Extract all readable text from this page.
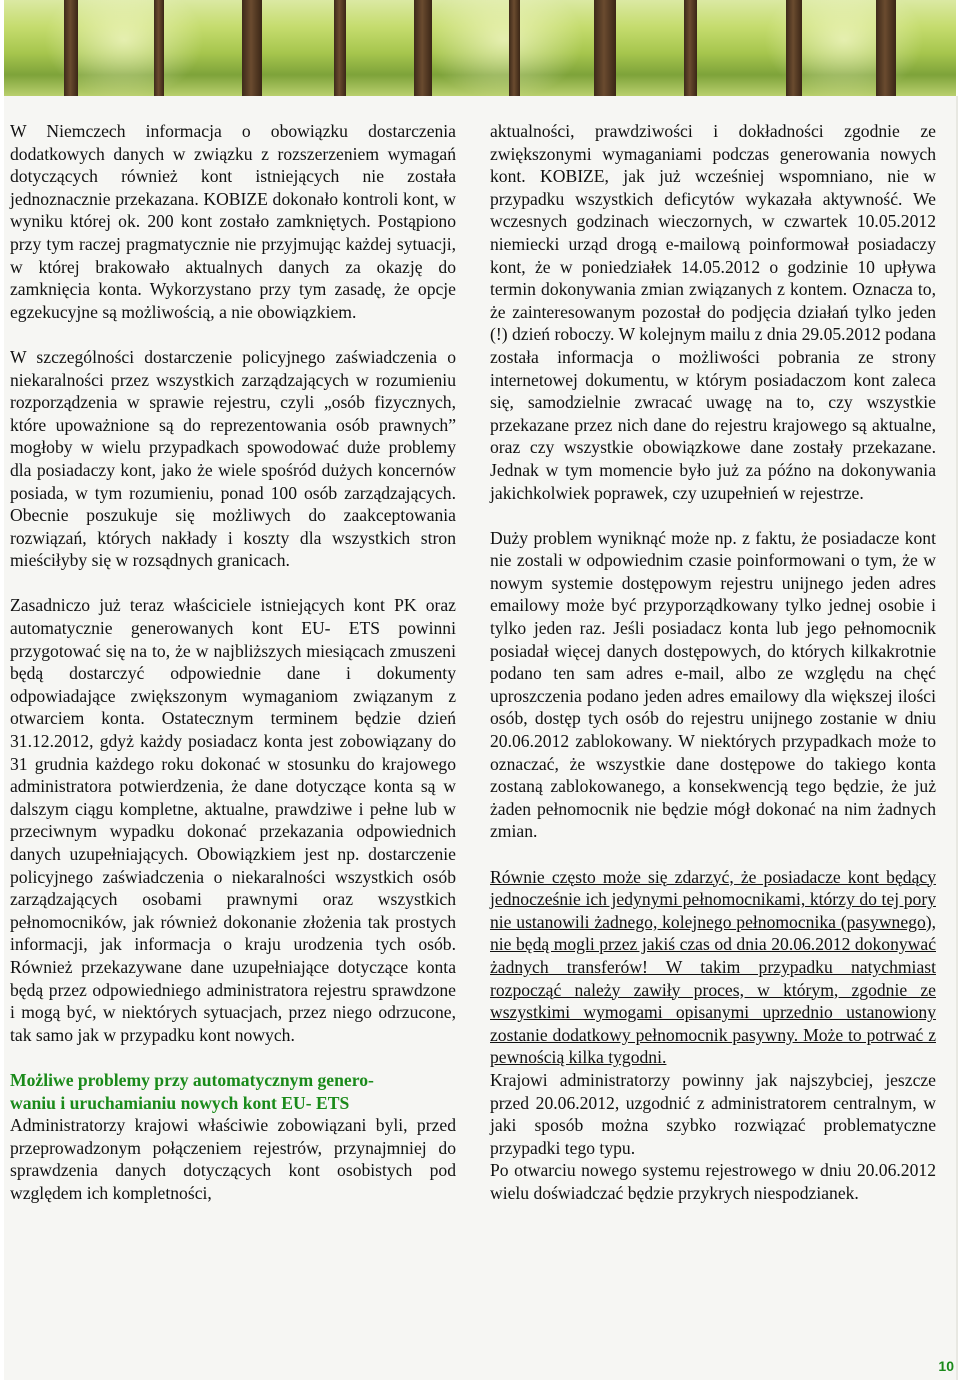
W Niemczech informacja o obowiązku dostarczenia dodatkowych danych w związku z rozszerzeniem wymagań dotyczących również kont istniejących nie została jednoznacznie przekazana. KOBIZE dokonało kontroli kont, w wyniku której ok. 200 kont zostało zamkniętych. Postąpiono przy tym raczej pragmatycznie nie przyjmując każdej sytuacji, w której brakowało aktualnych danych za okazję do zamknięcia konta. Wykorzystano przy tym zasadę, że opcje egzekucyjne są możliwością, a nie obowiązkiem.

W szczególności dostarczenie policyjnego zaświadczenia o niekaralności przez wszystkich zarządzających w rozumieniu rozporządzenia w sprawie rejestru, czyli „osób fizycznych, które upoważnione są do reprezentowania osób prawnych” mogłoby w wielu przypadkach spowodować duże problemy dla posiadaczy kont, jako że wiele spośród dużych koncernów posiada, w tym rozumieniu, ponad 100 osób zarządzających. Obecnie poszukuje się możliwych do zaakceptowania rozwiązań, których nakłady i koszty dla wszystkich stron mieściłyby się w rozsądnych granicach.

Zasadniczo już teraz właściciele istniejących kont PK oraz automatycznie generowanych kont EU- ETS powinni przygotować się na to, że w najbliższych miesiącach zmuszeni będą dostarczyć odpowiednie dane i dokumenty odpowiadające zwiększonym wymaganiom związanym z otwarciem konta. Ostatecznym terminem będzie dzień 31.12.2012, gdyż każdy posiadacz konta jest zobowiązany do 31 grudnia każdego roku dokonać w stosunku do krajowego administratora potwierdzenia, że dane dotyczące konta są w dalszym ciągu kompletne, aktualne, prawdziwe i pełne lub w przeciwnym wypadku dokonać przekazania odpowiednich danych uzupełniających. Obowiązkiem jest np. dostarczenie policyjnego zaświadczenia o niekaralności wszystkich osób zarządzających osobami prawnymi oraz wszystkich pełnomocników, jak również dokonanie złożenia tak prostych informacji, jak informacja o kraju urodzenia tych osób. Również przekazywane dane uzupełniające dotyczące konta będą przez odpowiedniego administratora rejestru sprawdzone i mogą być, w niektórych sytuacjach, przez niego odrzucone, tak samo jak w przypadku kont nowych.

Możliwe problemy przy automatycznym genero-
waniu i uruchamianiu nowych kont EU- ETS

Administratorzy krajowi właściwie zobowiązani byli, przed przeprowadzonym połączeniem rejestrów, przynajmniej do sprawdzenia danych dotyczących kont osobistych pod względem ich kompletności,

aktualności, prawdziwości i dokładności zgodnie ze zwiększonymi wymaganiami podczas generowania nowych kont. KOBIZE, jak już wcześniej wspomniano, nie w przypadku wszystkich deficytów wykazała aktywność. We wczesnych godzinach wieczornych, w czwartek 10.05.2012 niemiecki urząd drogą e-mailową poinformował posiadaczy kont, że w poniedziałek 14.05.2012 o godzinie 10 upływa termin dokonywania zmian związanych z kontem. Oznacza to, że zainteresowanym pozostał do podjęcia działań tylko jeden (!) dzień roboczy. W kolejnym mailu z dnia 29.05.2012 podana została informacja o możliwości pobrania ze strony internetowej dokumentu, w którym posiadaczom kont zaleca się, samodzielnie zwracać uwagę na to, czy wszystkie przekazane przez nich dane do rejestru krajowego są aktualne, oraz czy wszystkie obowiązkowe dane zostały przekazane. Jednak w tym momencie było już za późno na dokonywania jakichkolwiek poprawek, czy uzupełnień w rejestrze.

Duży problem wyniknąć może np. z faktu, że posiadacze kont nie zostali w odpowiednim czasie poinformowani o tym, że w nowym systemie dostępowym rejestru unijnego jeden adres emailowy może być przyporządkowany tylko jednej osobie i tylko jeden raz. Jeśli posiadacz konta lub jego pełnomocnik posiadał więcej danych dostępowych, do których kilkakrotnie podano ten sam adres e-mail, albo ze względu na chęć uproszczenia podano jeden adres emailowy dla większej ilości osób, dostęp tych osób do rejestru unijnego zostanie w dniu 20.06.2012 zablokowany. W niektórych przypadkach może to oznaczać, że wszystkie dane dostępowe do takiego konta zostaną zablokowanego, a konsekwencją tego będzie, że już żaden pełnomocnik nie będzie mógł dokonać na nim żadnych zmian.

Równie często może się zdarzyć, że posiadacze kont będący jednocześnie ich jedynymi pełnomocnikami, którzy do tej pory nie ustanowili żadnego, kolejnego pełnomocnika (pasywnego), nie będą mogli przez jakiś czas od dnia 20.06.2012 dokonywać żadnych transferów! W takim przypadku natychmiast rozpocząć należy zawiły proces, w którym, zgodnie ze wszystkimi wymogami opisanymi uprzednio ustanowiony zostanie dodatkowy pełnomocnik pasywny. Może to potrwać z pewnością kilka tygodni.

Krajowi administratorzy powinny jak najszybciej, jeszcze przed 20.06.2012, uzgodnić z administratorem centralnym, w jaki sposób można szybko rozwiązać problematyczne przypadki tego typu.

Po otwarciu nowego systemu rejestrowego w dniu 20.06.2012 wielu doświadczać będzie przykrych niespodzianek.

10
